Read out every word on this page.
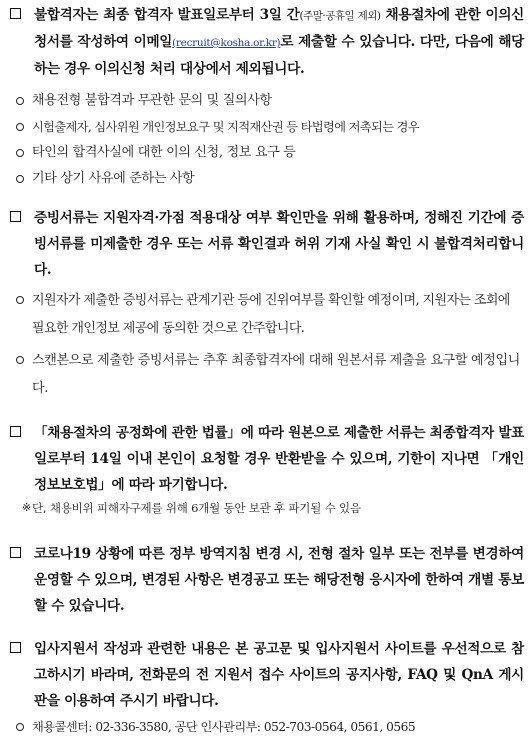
불합격자는 최종 합격자 발표일로부터 3일 간(주말·공휴일 제외) 채용절차에 관한 이의신청서를 작성하여 이메일(recruit@kosha.or.kr)로 제출할 수 있습니다. 다만, 다음에 해당하는 경우 이의신청 처리 대상에서 제외됩니다.
채용전형 불합격과 무관한 문의 및 질의사항
시험출제자, 심사위원 개인정보요구 및 지적재산권 등 타법령에 저촉되는 경우
타인의 합격사실에 대한 이의 신청, 정보 요구 등
기타 상기 사유에 준하는 사항
증빙서류는 지원자격·가점 적용대상 여부 확인만을 위해 활용하며, 정해진 기간에 증빙서류를 미제출한 경우 또는 서류 확인결과 허위 기재 사실 확인 시 불합격처리합니다.
지원자가 제출한 증빙서류는 관계기관 등에 진위여부를 확인할 예정이며, 지원자는 조회에 필요한 개인정보 제공에 동의한 것으로 간주합니다.
스캔본으로 제출한 증빙서류는 추후 최종합격자에 대해 원본서류 제출을 요구할 예정입니다.
「채용절차의 공정화에 관한 법률」에 따라 원본으로 제출한 서류는 최종합격자 발표일로부터 14일 이내 본인이 요청할 경우 반환받을 수 있으며, 기한이 지나면 「개인정보보호법」에 따라 파기합니다.
※ 단, 채용비위 피해자구제를 위해 6개월 동안 보관 후 파기될 수 있음
코로나19 상황에 따른 정부 방역지침 변경 시, 전형 절차 일부 또는 전부를 변경하여 운영할 수 있으며, 변경된 사항은 변경공고 또는 해당전형 응시자에 한하여 개별 통보할 수 있습니다.
입사지원서 작성과 관련한 내용은 본 공고문 및 입사지원서 사이트를 우선적으로 참고하시기 바라며, 전화문의 전 지원서 접수 사이트의 공지사항, FAQ 및 QnA 게시판을 이용하여 주시기 바랍니다.
채용콜센터: 02-336-3580, 공단 인사관리부: 052-703-0564, 0561, 0565
